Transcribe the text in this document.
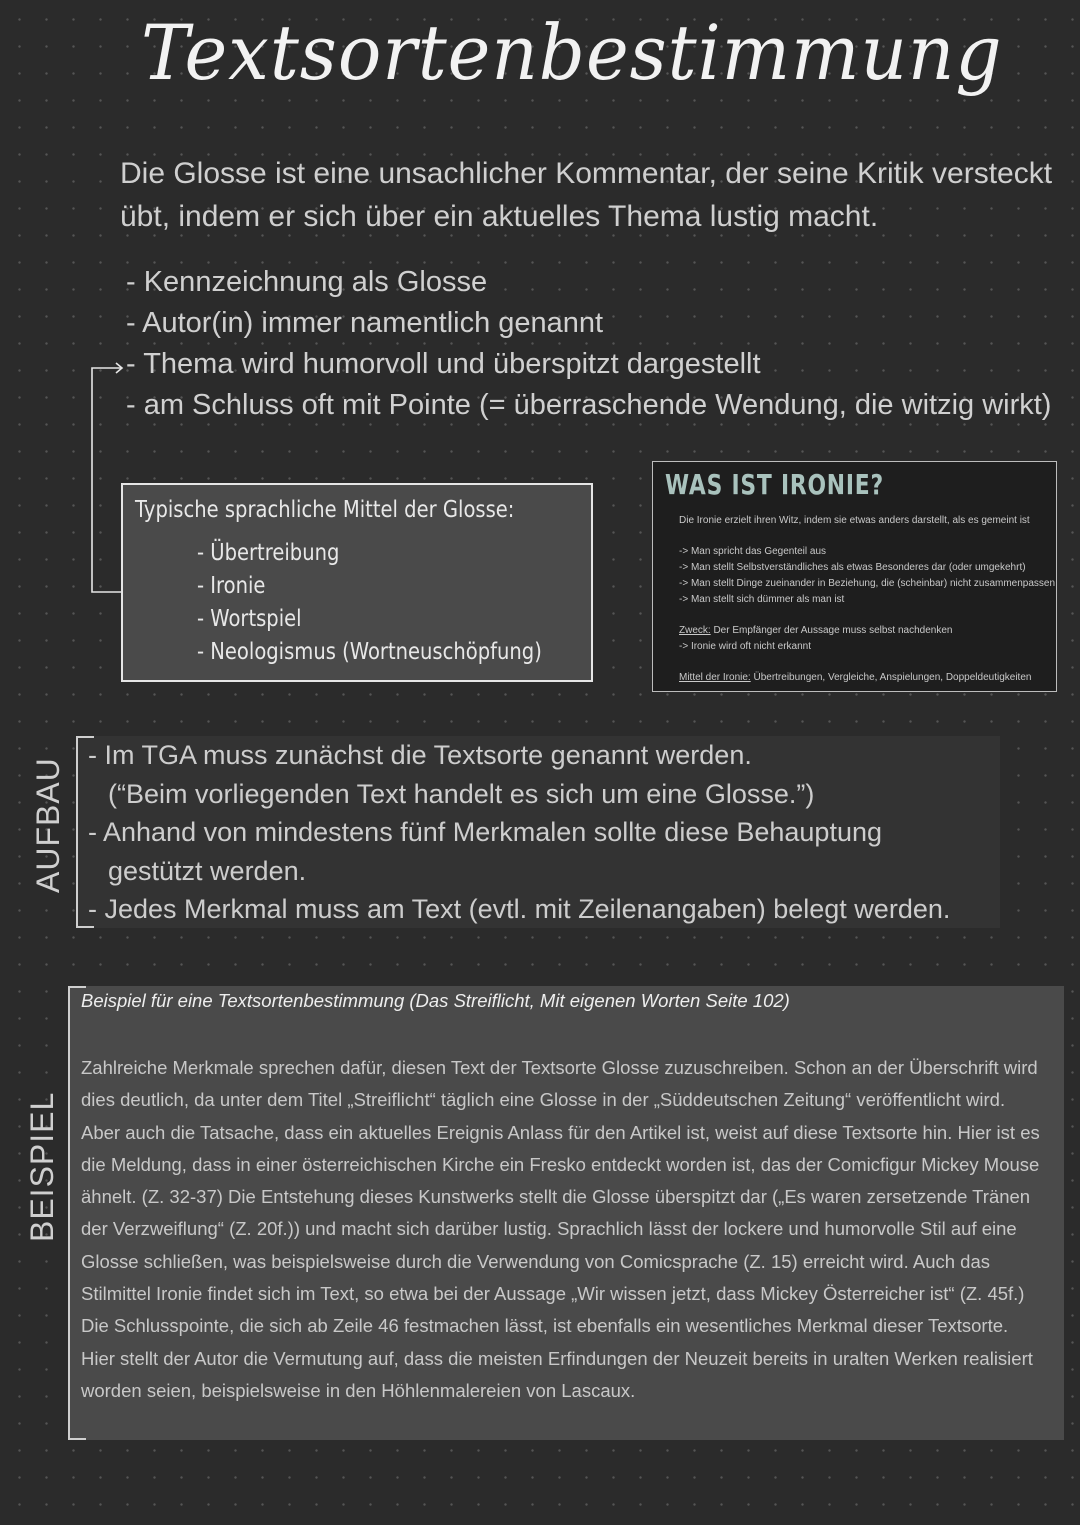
Textsortenbestimmung
Die Glosse ist eine unsachlicher Kommentar, der seine Kritik versteckt übt, indem er sich über ein aktuelles Thema lustig macht.
- Kennzeichnung als Glosse
- Autor(in) immer namentlich genannt
- Thema wird humorvoll und überspitzt dargestellt
- am Schluss oft mit Pointe (= überraschende Wendung, die witzig wirkt)
Typische sprachliche Mittel der Glosse:
- Übertreibung
- Ironie
- Wortspiel
- Neologismus (Wortneuschöpfung)
WAS IST IRONIE?
Die Ironie erzielt ihren Witz, indem sie etwas anders darstellt, als es gemeint ist
-> Man spricht das Gegenteil aus
-> Man stellt Selbstverständliches als etwas Besonderes dar (oder umgekehrt)
-> Man stellt Dinge zueinander in Beziehung, die (scheinbar) nicht zusammenpassen
-> Man stellt sich dümmer als man ist
Zweck: Der Empfänger der Aussage muss selbst nachdenken
-> Ironie wird oft nicht erkannt
Mittel der Ironie: Übertreibungen, Vergleiche, Anspielungen, Doppeldeutigkeiten
AUFBAU
- Im TGA muss zunächst die Textsorte genannt werden.
(“Beim vorliegenden Text handelt es sich um eine Glosse.”)
- Anhand von mindestens fünf Merkmalen sollte diese Behauptung
gestützt werden.
- Jedes Merkmal muss am Text (evtl. mit Zeilenangaben) belegt werden.
BEISPIEL
Beispiel für eine Textsortenbestimmung (Das Streiflicht, Mit eigenen Worten Seite 102)
Zahlreiche Merkmale sprechen dafür, diesen Text der Textsorte Glosse zuzuschreiben. Schon an der Überschrift wird dies deutlich, da unter dem Titel „Streiflicht“ täglich eine Glosse in der „Süddeutschen Zeitung“ veröffentlicht wird. Aber auch die Tatsache, dass ein aktuelles Ereignis Anlass für den Artikel ist, weist auf diese Textsorte hin. Hier ist es die Meldung, dass in einer österreichischen Kirche ein Fresko entdeckt worden ist, das der Comicfigur Mickey Mouse ähnelt. (Z. 32-37) Die Entstehung dieses Kunstwerks stellt die Glosse überspitzt dar („Es waren zersetzende Tränen der Verzweiflung“ (Z. 20f.)) und macht sich darüber lustig. Sprachlich lässt der lockere und humorvolle Stil auf eine Glosse schließen, was beispielsweise durch die Verwendung von Comicsprache (Z. 15) erreicht wird. Auch das Stilmittel Ironie findet sich im Text, so etwa bei der Aussage „Wir wissen jetzt, dass Mickey Österreicher ist“ (Z. 45f.) Die Schlusspointe, die sich ab Zeile 46 festmachen lässt, ist ebenfalls ein wesentliches Merkmal dieser Textsorte. Hier stellt der Autor die Vermutung auf, dass die meisten Erfindungen der Neuzeit bereits in uralten Werken realisiert worden seien, beispielsweise in den Höhlenmalereien von Lascaux.
